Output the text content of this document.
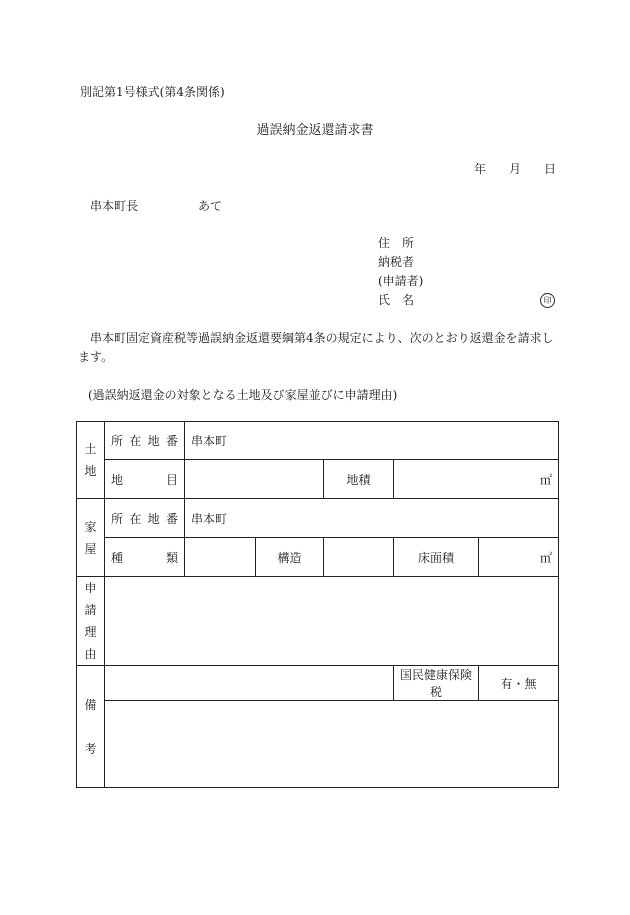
別記第1号様式(第4条関係)
過誤納金返還請求書
年 月 日
串本町長	あて
住　所
納税者
(申請者)
氏　名	印
串本町固定資産税等過誤納金返還要綱第4条の規定により、次のとおり返還金を請求します。
(過誤納返還金の対象となる土地及び家屋並びに申請理由)
土
地	所在地番	串本町				

	地目			地積	㎡	
家
屋	所在地番	串本町				

	種類		構造		床面積	㎡
申
請
理
由						
備

考					国民健康保険税	有・無
